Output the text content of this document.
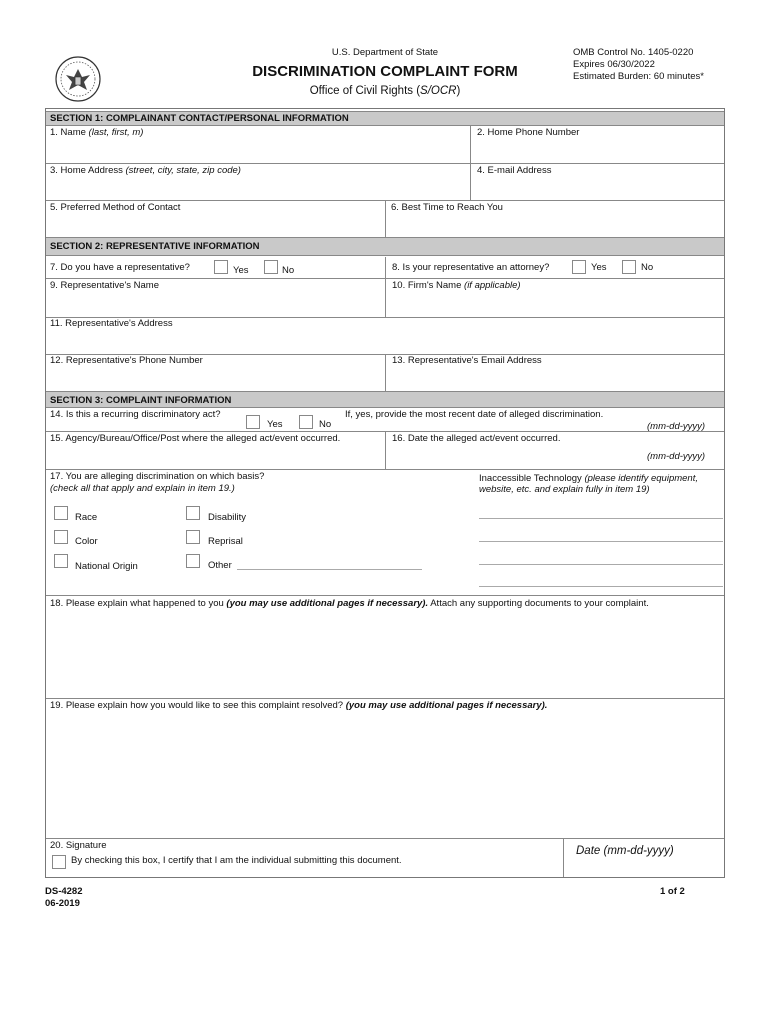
U.S. Department of State
DISCRIMINATION COMPLAINT FORM
Office of Civil Rights (S/OCR)
OMB Control No. 1405-0220
Expires 06/30/2022
Estimated Burden: 60 minutes*
SECTION 1: COMPLAINANT CONTACT/PERSONAL INFORMATION
1. Name (last, first, m)	2. Home Phone Number
3. Home Address (street, city, state, zip code)	4. E-mail Address
5. Preferred Method of Contact	6. Best Time to Reach You
SECTION 2: REPRESENTATIVE INFORMATION
7. Do you have a representative?	Yes	No	8. Is your representative an attorney?	Yes	No
9. Representative's Name	10. Firm's Name (if applicable)
11. Representative's Address
12. Representative's Phone Number	13. Representative's Email Address
SECTION 3: COMPLAINT INFORMATION
14. Is this a recurring discriminatory act?
Yes	No
If, yes, provide the most recent date of alleged discrimination.
(mm-dd-yyyy)
15. Agency/Bureau/Office/Post where the alleged act/event occurred.	16. Date the alleged act/event occurred.
(mm-dd-yyyy)
17. You are alleging discrimination on which basis?
(check all that apply and explain in item 19.)
Race	Disability
Color	Reprisal
National Origin	Other
Inaccessible Technology (please identify equipment,
website, etc. and explain fully in item 19)
18. Please explain what happened to you (you may use additional pages if necessary). Attach any supporting documents to your complaint.
19. Please explain how you would like to see this complaint resolved? (you may use additional pages if necessary).
20. Signature
By checking this box, I certify that I am the individual submitting this document.
Date (mm-dd-yyyy)
DS-4282
06-2019
1 of 2
